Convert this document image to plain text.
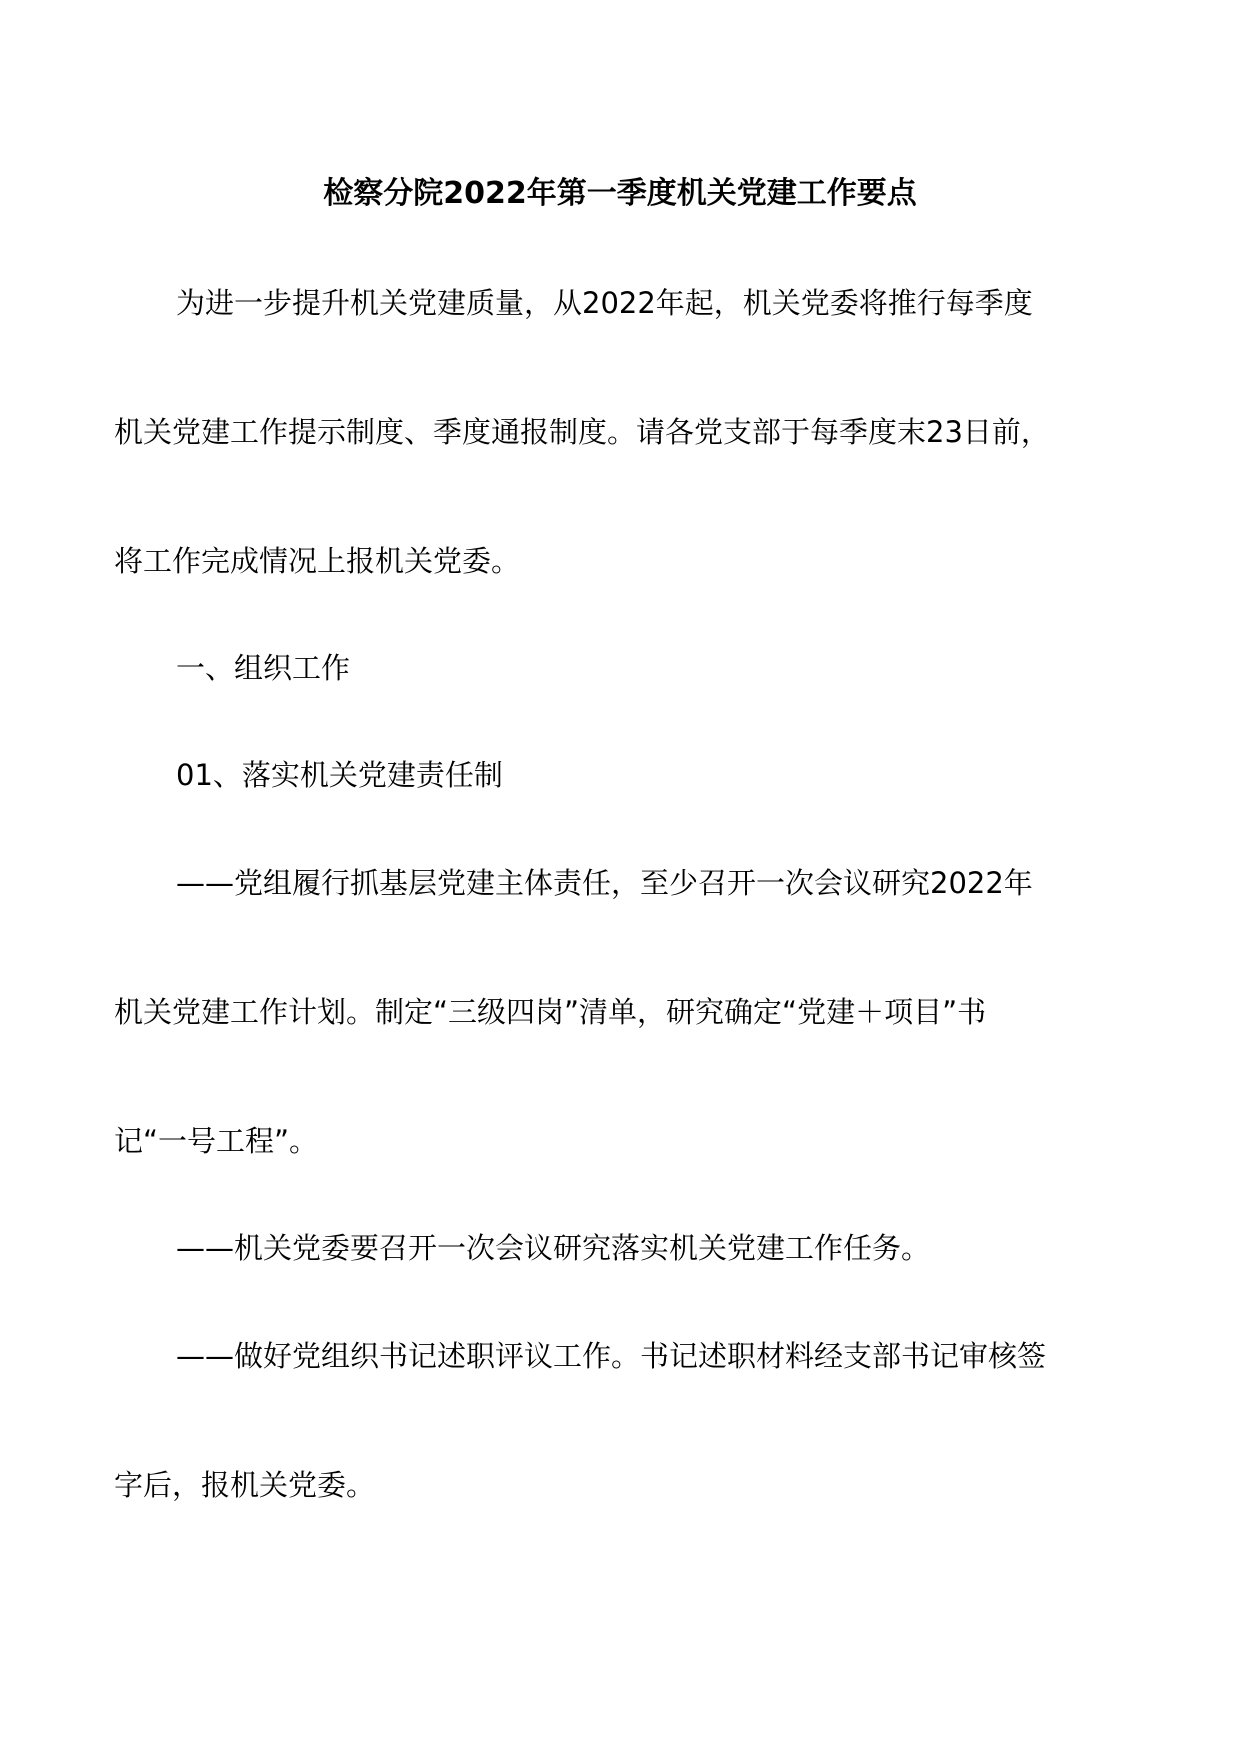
检察分院2022年第一季度机关党建工作要点

为进一步提升机关党建质量，从2022年起，机关党委将推行每季度

机关党建工作提示制度、季度通报制度。请各党支部于每季度末23日前，

将工作完成情况上报机关党委。

一、组织工作

01、落实机关党建责任制

——党组履行抓基层党建主体责任，至少召开一次会议研究2022年

机关党建工作计划。制定“三级四岗”清单，研究确定“党建＋项目”书

记“一号工程”。

——机关党委要召开一次会议研究落实机关党建工作任务。

——做好党组织书记述职评议工作。书记述职材料经支部书记审核签

字后，报机关党委。
